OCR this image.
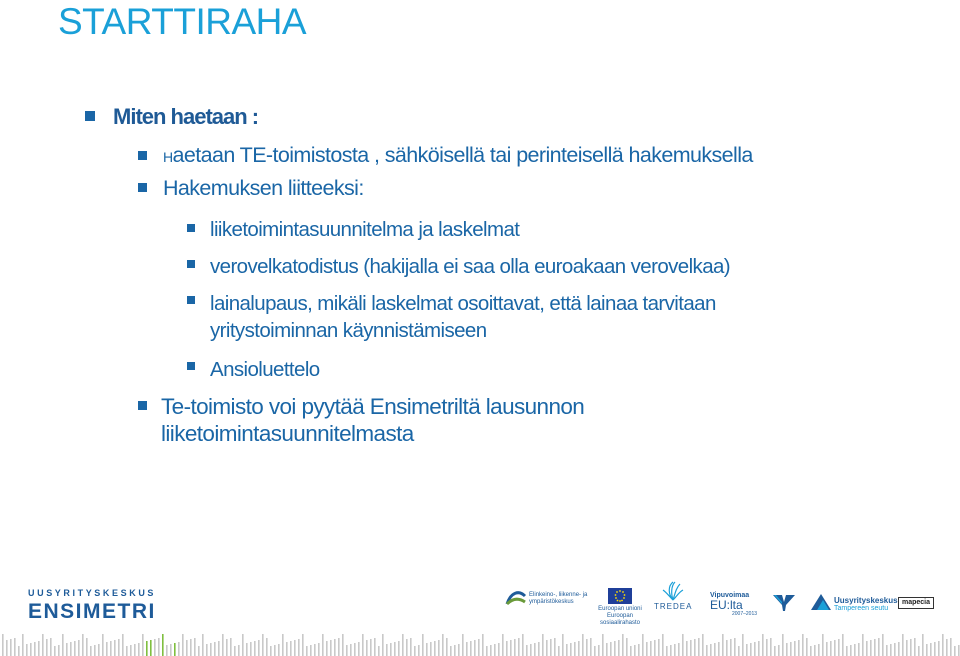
STARTTIRAHA
Miten haetaan :
Haetaan TE-toimistosta , sähköisellä tai perinteisellä hakemuksella
Hakemuksen liitteeksi:
liiketoimintasuunnitelma ja laskelmat
verovelkatodistus (hakijalla ei saa olla euroakaan verovelkaa)
lainalupaus, mikäli laskelmat osoittavat, että lainaa tarvitaan
yritystoiminnan käynnistämiseen
Ansioluettelo
Te-toimisto voi pyytää Ensimetriltä lausunnon
liiketoimintasuunnitelmasta
UUSYRITYSKESKUS
ENSIMETRI
Elinkeino-, liikenne- ja
ympäristökeskus
Euroopan unioni
Euroopan sosiaalirahasto
TREDEA
Vipuvoimaa
EU:lta
2007–2013
Uusyrityskeskus
Tampereen seutu
mapecia
